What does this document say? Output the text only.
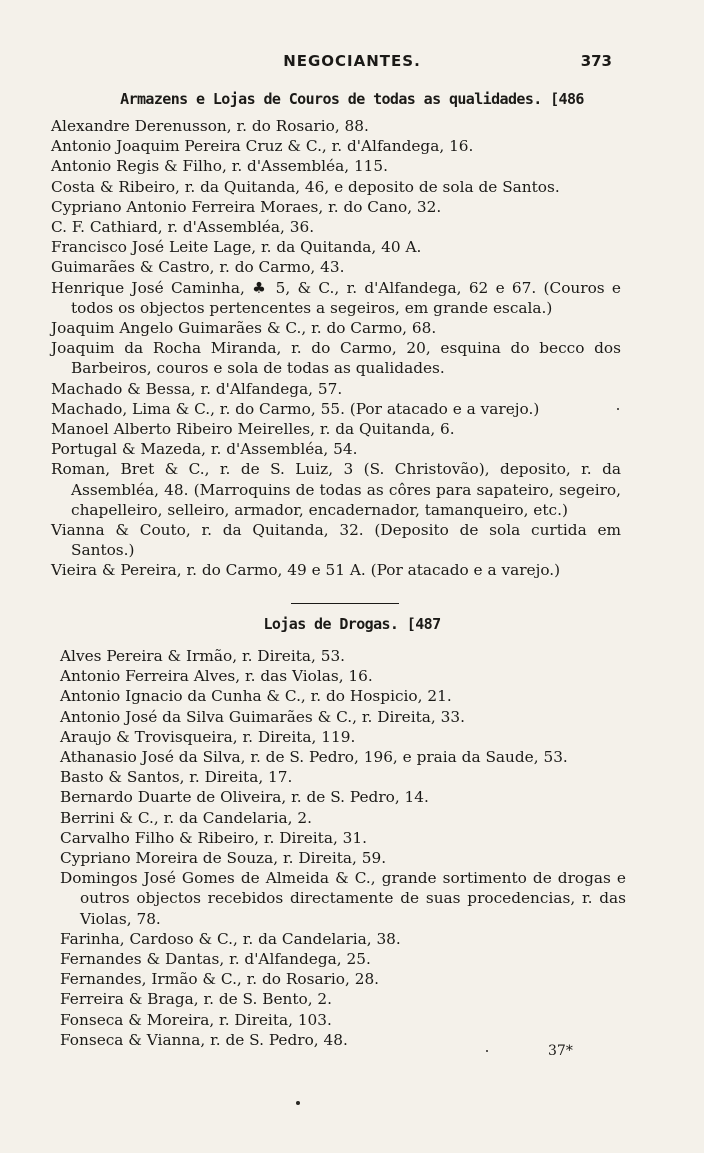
NEGOCIANTES.	373
Armazens e Lojas de Couros de todas as qualidades. [486
Alexandre Derenusson, r. do Rosario, 88.
Antonio Joaquim Pereira Cruz & C., r. d'Alfandega, 16.
Antonio Regis & Filho, r. d'Assembléa, 115.
Costa & Ribeiro, r. da Quitanda, 46, e deposito de sola de Santos.
Cypriano Antonio Ferreira Moraes, r. do Cano, 32.
C. F. Cathiard, r. d'Assembléa, 36.
Francisco José Leite Lage, r. da Quitanda, 40 A.
Guimarães & Castro, r. do Carmo, 43.
Henrique José Caminha, ♣ 5, & C., r. d'Alfandega, 62 e 67. (Couros e todos os objectos pertencentes a segeiros, em grande escala.)
Joaquim Angelo Guimarães & C., r. do Carmo, 68.
Joaquim da Rocha Miranda, r. do Carmo, 20, esquina do becco dos Barbeiros, couros e sola de todas as qualidades.
Machado & Bessa, r. d'Alfandega, 57.
Machado, Lima & C., r. do Carmo, 55. (Por atacado e a varejo.)
Manoel Alberto Ribeiro Meirelles, r. da Quitanda, 6.
Portugal & Mazeda, r. d'Assembléa, 54.
Roman, Bret & C., r. de S. Luiz, 3 (S. Christovão), deposito, r. da Assembléa, 48. (Marroquins de todas as côres para sapateiro, segeiro, chapelleiro, selleiro, armador, encadernador, tamanqueiro, etc.)
Vianna & Couto, r. da Quitanda, 32. (Deposito de sola curtida em Santos.)
Vieira & Pereira, r. do Carmo, 49 e 51 A. (Por atacado e a varejo.)
Lojas de Drogas. [487
Alves Pereira & Irmão, r. Direita, 53.
Antonio Ferreira Alves, r. das Violas, 16.
Antonio Ignacio da Cunha & C., r. do Hospicio, 21.
Antonio José da Silva Guimarães & C., r. Direita, 33.
Araujo & Trovisqueira, r. Direita, 119.
Athanasio José da Silva, r. de S. Pedro, 196, e praia da Saude, 53.
Basto & Santos, r. Direita, 17.
Bernardo Duarte de Oliveira, r. de S. Pedro, 14.
Berrini & C., r. da Candelaria, 2.
Carvalho Filho & Ribeiro, r. Direita, 31.
Cypriano Moreira de Souza, r. Direita, 59.
Domingos José Gomes de Almeida & C., grande sortimento de drogas e outros objectos recebidos directamente de suas procedencias, r. das Violas, 78.
Farinha, Cardoso & C., r. da Candelaria, 38.
Fernandes & Dantas, r. d'Alfandega, 25.
Fernandes, Irmão & C., r. do Rosario, 28.
Ferreira & Braga, r. de S. Bento, 2.
Fonseca & Moreira, r. Direita, 103.
Fonseca & Vianna, r. de S. Pedro, 48.
37*
